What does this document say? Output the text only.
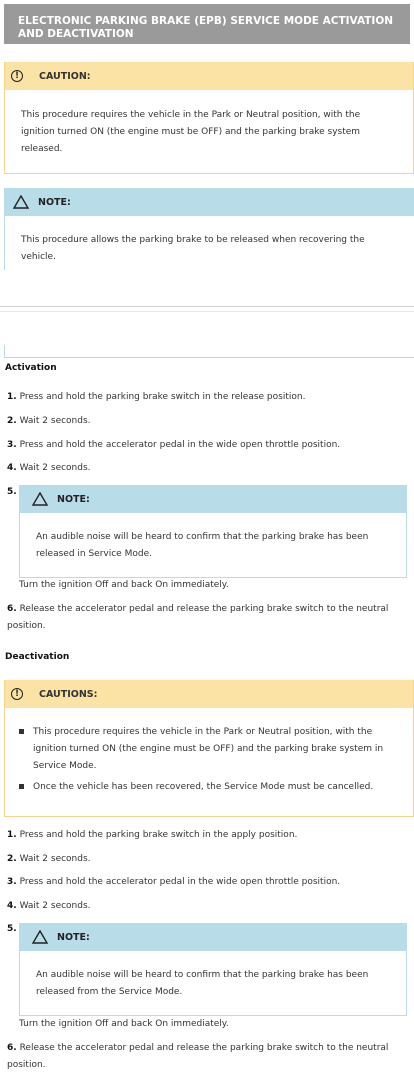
ELECTRONIC PARKING BRAKE (EPB) SERVICE MODE ACTIVATION AND DEACTIVATION
!	CAUTION:
This procedure requires the vehicle in the Park or Neutral position, with the ignition turned ON (the engine must be OFF) and the parking brake system released.
NOTE:
This procedure allows the parking brake to be released when recovering the vehicle.
Activation
1. Press and hold the parking brake switch in the release position.
2. Wait 2 seconds.
3. Press and hold the accelerator pedal in the wide open throttle position.
4. Wait 2 seconds.
5.
NOTE:
An audible noise will be heard to confirm that the parking brake has been released in Service Mode.
Turn the ignition Off and back On immediately.
6. Release the accelerator pedal and release the parking brake switch to the neutral position.
Deactivation
!	CAUTIONS:
This procedure requires the vehicle in the Park or Neutral position, with the ignition turned ON (the engine must be OFF) and the parking brake system in Service Mode.
Once the vehicle has been recovered, the Service Mode must be cancelled.
1. Press and hold the parking brake switch in the apply position.
2. Wait 2 seconds.
3. Press and hold the accelerator pedal in the wide open throttle position.
4. Wait 2 seconds.
5.
NOTE:
An audible noise will be heard to confirm that the parking brake has been released from the Service Mode.
Turn the ignition Off and back On immediately.
6. Release the accelerator pedal and release the parking brake switch to the neutral position.
